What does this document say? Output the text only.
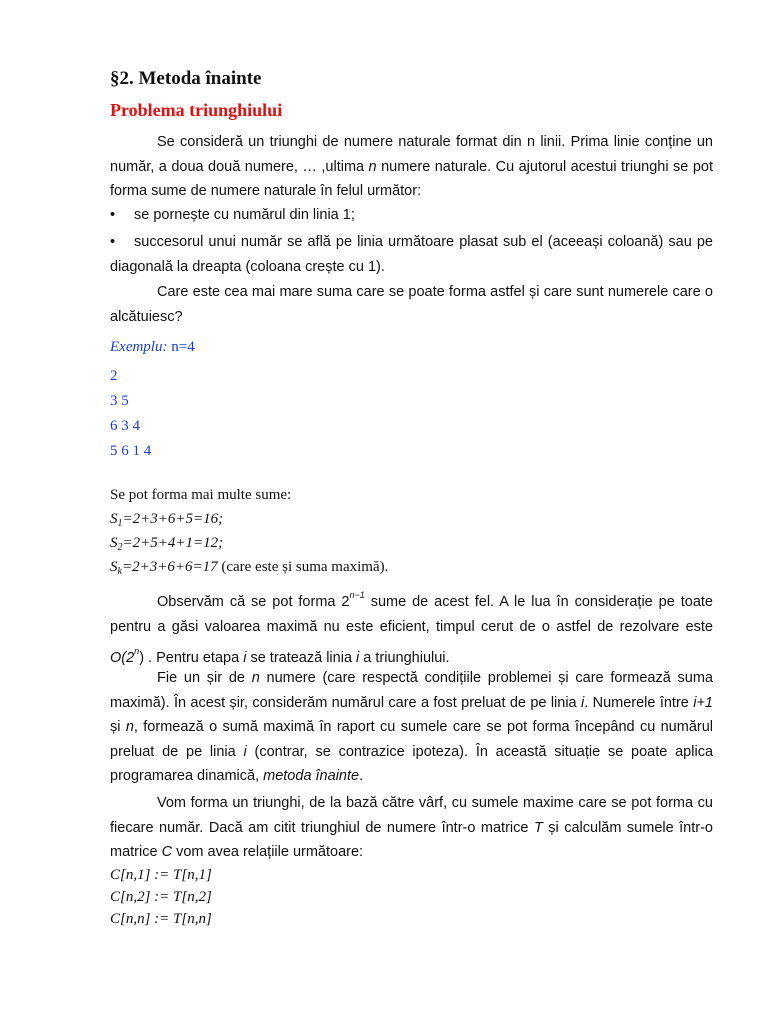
§2. Metoda înainte
Problema triunghiului
Se consideră un triunghi de numere naturale format din n linii. Prima linie conține un număr, a doua două numere, … ,ultima n numere naturale. Cu ajutorul acestui triunghi se pot forma sume de numere naturale în felul următor:
• se pornește cu numărul din linia 1;
• succesorul unui număr se află pe linia următoare plasat sub el (aceeași coloană) sau pe diagonală la dreapta (coloana crește cu 1).
Care este cea mai mare suma care se poate forma astfel și care sunt numerele care o alcătuiesc?
Exemplu: n=4
2
3 5
6 3 4
5 6 1 4
Se pot forma mai multe sume:
$S_1=2+3+6+5=16$;
$S_2=2+5+4+1=12$;
$S_k=2+3+6+6=17$ (care este și suma maximă).
Observăm că se pot forma $2^{n-1}$ sume de acest fel. A le lua în considerație pe toate pentru a găsi valoarea maximă nu este eficient, timpul cerut de o astfel de rezolvare este O(2$^n$) . Pentru etapa i se tratează linia i a triunghiului.
Fie un șir de n numere (care respectă condițiile problemei și care formează suma maximă). În acest șir, considerăm numărul care a fost preluat de pe linia i. Numerele între i+1 și n, formează o sumă maximă în raport cu sumele care se pot forma începând cu numărul preluat de pe linia i (contrar, se contrazice ipoteza). În această situație se poate aplica programarea dinamică, metoda înainte.
Vom forma un triunghi, de la bază către vârf, cu sumele maxime care se pot forma cu fiecare număr. Dacă am citit triunghiul de numere într-o matrice T și calculăm sumele într-o matrice C vom avea relațiile următoare:
C[n,1] := T[n,1]
C[n,2] := T[n,2]
C[n,n] := T[n,n]
